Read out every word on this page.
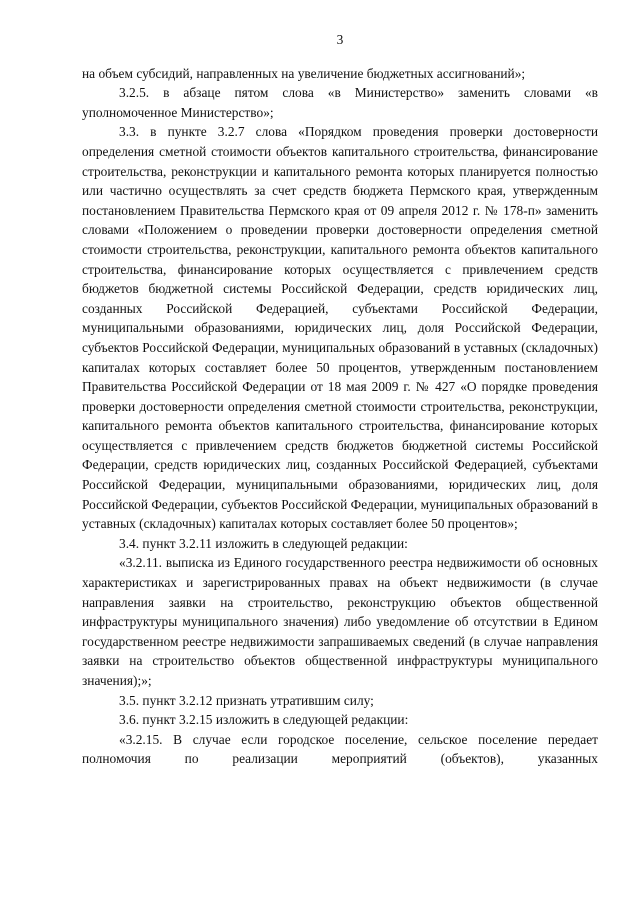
3

на объем субсидий, направленных на увеличение бюджетных ассигнований»;

3.2.5. в абзаце пятом слова «в Министерство» заменить словами «в уполномоченное Министерство»;

3.3. в пункте 3.2.7 слова «Порядком проведения проверки достоверности определения сметной стоимости объектов капитального строительства, финансирование строительства, реконструкции и капитального ремонта которых планируется полностью или частично осуществлять за счет средств бюджета Пермского края, утвержденным постановлением Правительства Пермского края от 09 апреля 2012 г. № 178-п» заменить словами «Положением о проведении проверки достоверности определения сметной стоимости строительства, реконструкции, капитального ремонта объектов капитального строительства, финансирование которых осуществляется с привлечением средств бюджетов бюджетной системы Российской Федерации, средств юридических лиц, созданных Российской Федерацией, субъектами Российской Федерации, муниципальными образованиями, юридических лиц, доля Российской Федерации, субъектов Российской Федерации, муниципальных образований в уставных (складочных) капиталах которых составляет более 50 процентов, утвержденным постановлением Правительства Российской Федерации от 18 мая 2009 г. № 427 «О порядке проведения проверки достоверности определения сметной стоимости строительства, реконструкции, капитального ремонта объектов капитального строительства, финансирование которых осуществляется с привлечением средств бюджетов бюджетной системы Российской Федерации, средств юридических лиц, созданных Российской Федерацией, субъектами Российской Федерации, муниципальными образованиями, юридических лиц, доля Российской Федерации, субъектов Российской Федерации, муниципальных образований в уставных (складочных) капиталах которых составляет более 50 процентов»;

3.4. пункт 3.2.11 изложить в следующей редакции:

«3.2.11. выписка из Единого государственного реестра недвижимости об основных характеристиках и зарегистрированных правах на объект недвижимости (в случае направления заявки на строительство, реконструкцию объектов общественной инфраструктуры муниципального значения) либо уведомление об отсутствии в Едином государственном реестре недвижимости запрашиваемых сведений (в случае направления заявки на строительство объектов общественной инфраструктуры муниципального значения);»;

3.5. пункт 3.2.12 признать утратившим силу;

3.6. пункт 3.2.15 изложить в следующей редакции:

«3.2.15. В случае если городское поселение, сельское поселение передает полномочия по реализации мероприятий (объектов), указанных
